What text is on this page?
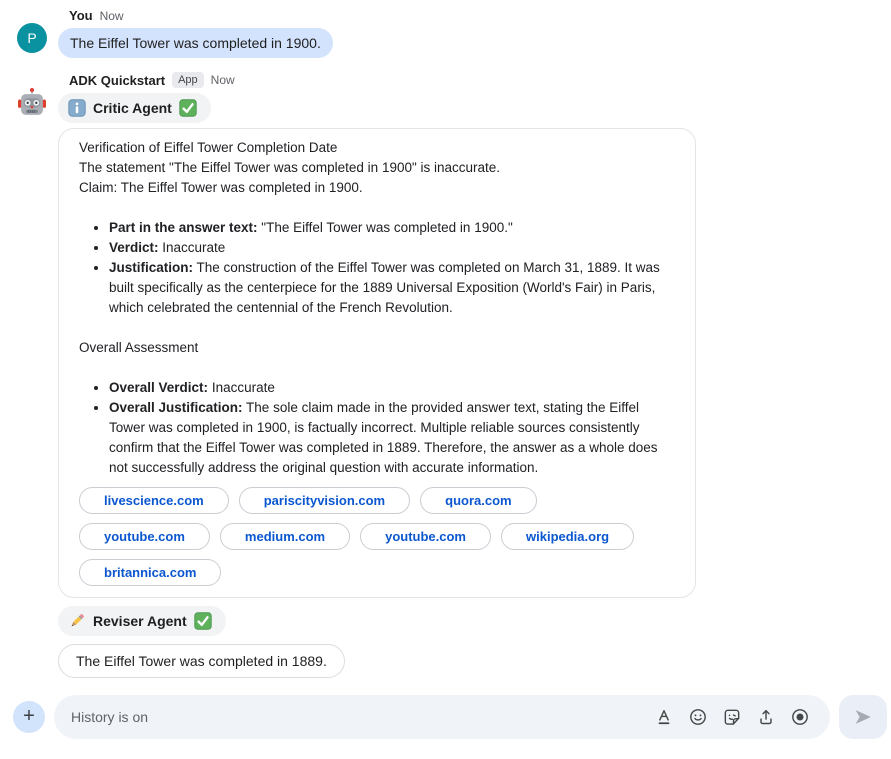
P
You Now
The Eiffel Tower was completed in 1900.
ADK Quickstart	App	Now
Critic Agent

Verification of Eiffel Tower Completion Date

The statement "The Eiffel Tower was completed in 1900" is inaccurate.

Claim: The Eiffel Tower was completed in 1900.

• Part in the answer text: "The Eiffel Tower was completed in 1900."
• Verdict: Inaccurate
• Justification: The construction of the Eiffel Tower was completed on March 31, 1889. It was built specifically as the centerpiece for the 1889 Universal Exposition (World's Fair) in Paris, which celebrated the centennial of the French Revolution.

Overall Assessment

• Overall Verdict: Inaccurate
• Overall Justification: The sole claim made in the provided answer text, stating the Eiffel Tower was completed in 1900, is factually incorrect. Multiple reliable sources consistently confirm that the Eiffel Tower was completed in 1889. Therefore, the answer as a whole does not successfully address the original question with accurate information.
livescience.com	pariscityvision.com	quora.com
youtube.com	medium.com	youtube.com	wikipedia.org
britannica.com
Reviser Agent
The Eiffel Tower was completed in 1889.
+	History is on
